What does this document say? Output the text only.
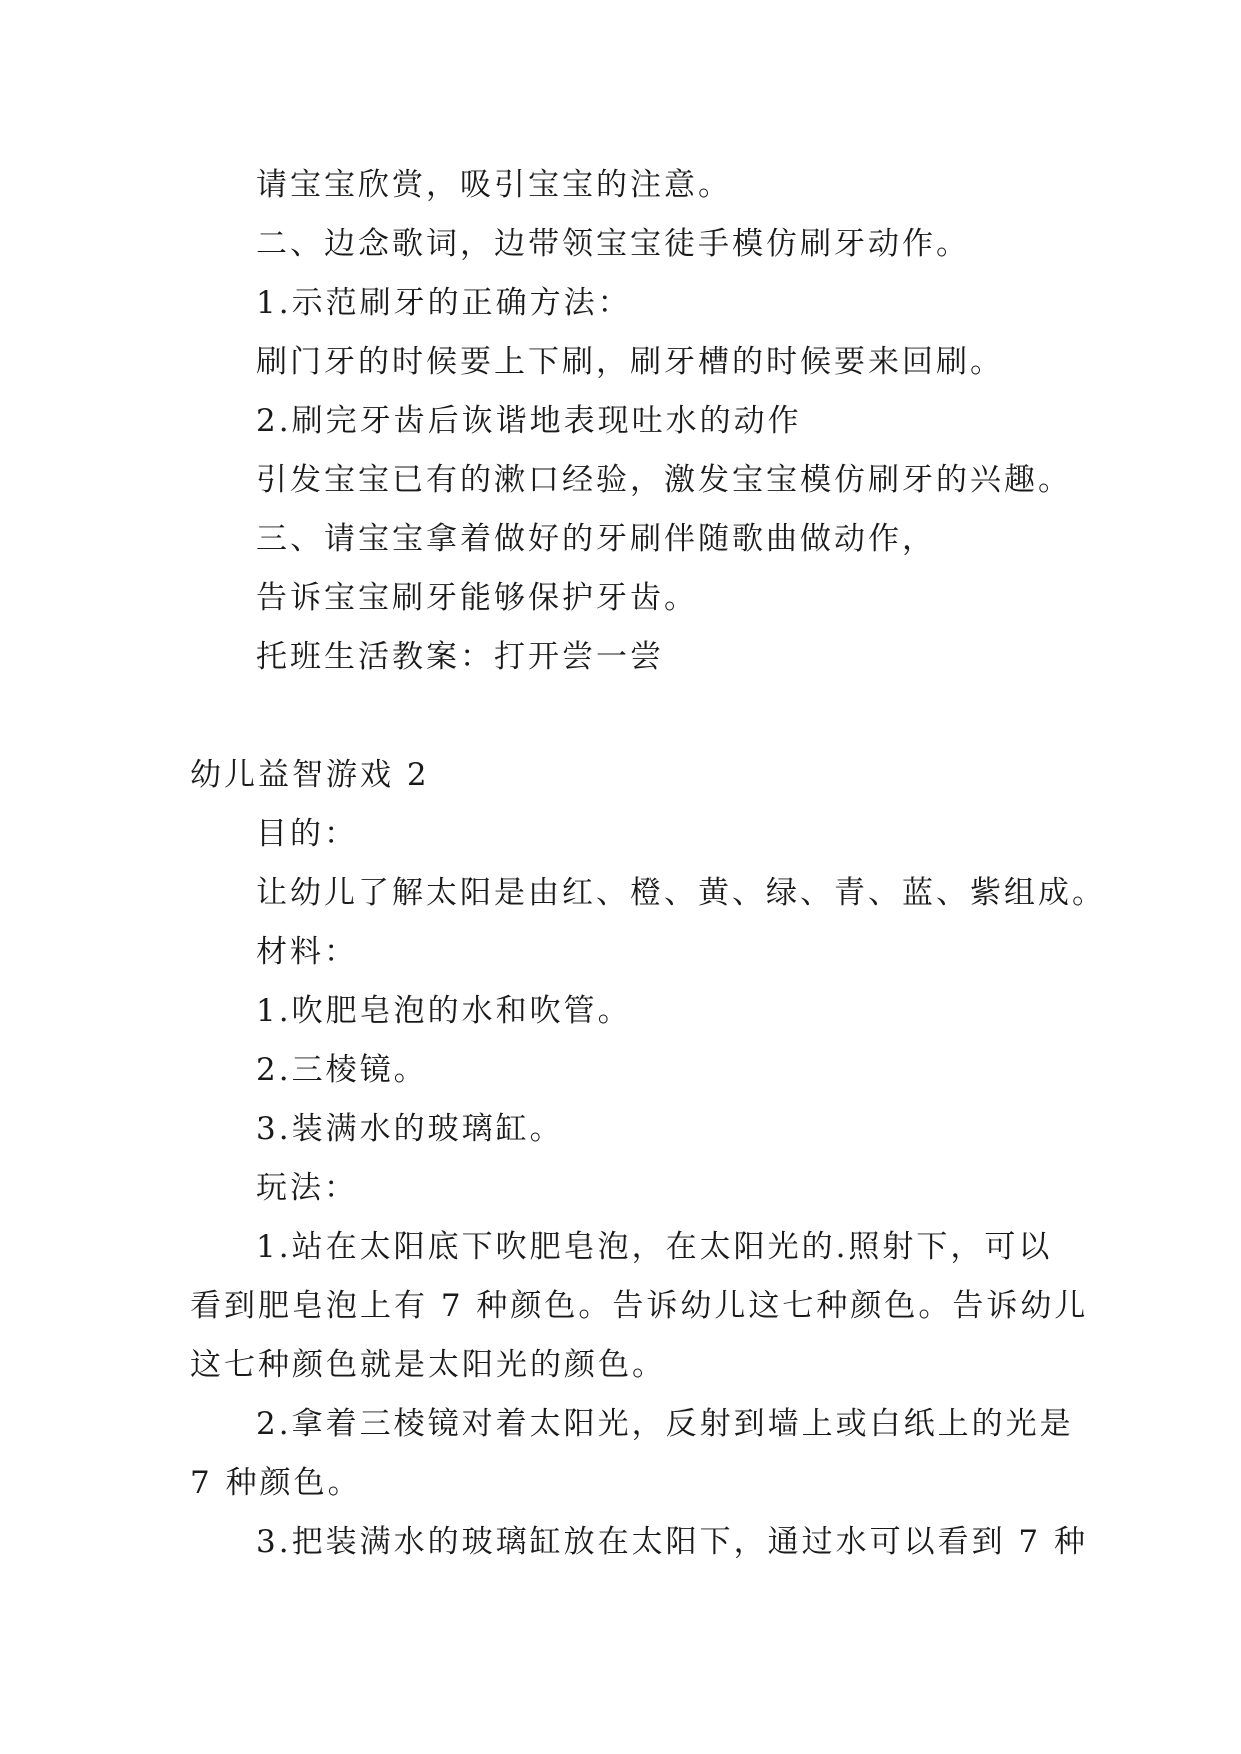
请宝宝欣赏，吸引宝宝的注意。
二、边念歌词，边带领宝宝徒手模仿刷牙动作。
1.示范刷牙的正确方法：
刷门牙的时候要上下刷，刷牙槽的时候要来回刷。
2.刷完牙齿后诙谐地表现吐水的动作
引发宝宝已有的漱口经验，激发宝宝模仿刷牙的兴趣。
三、请宝宝拿着做好的牙刷伴随歌曲做动作，
告诉宝宝刷牙能够保护牙齿。
托班生活教案：打开尝一尝
幼儿益智游戏 2
目的：
让幼儿了解太阳是由红、橙、黄、绿、青、蓝、紫组成。
材料：
1.吹肥皂泡的水和吹管。
2.三棱镜。
3.装满水的玻璃缸。
玩法：
1.站在太阳底下吹肥皂泡，在太阳光的.照射下，可以
看到肥皂泡上有 7 种颜色。告诉幼儿这七种颜色。告诉幼儿
这七种颜色就是太阳光的颜色。
2.拿着三棱镜对着太阳光，反射到墙上或白纸上的光是
7 种颜色。
3.把装满水的玻璃缸放在太阳下，通过水可以看到 7 种
